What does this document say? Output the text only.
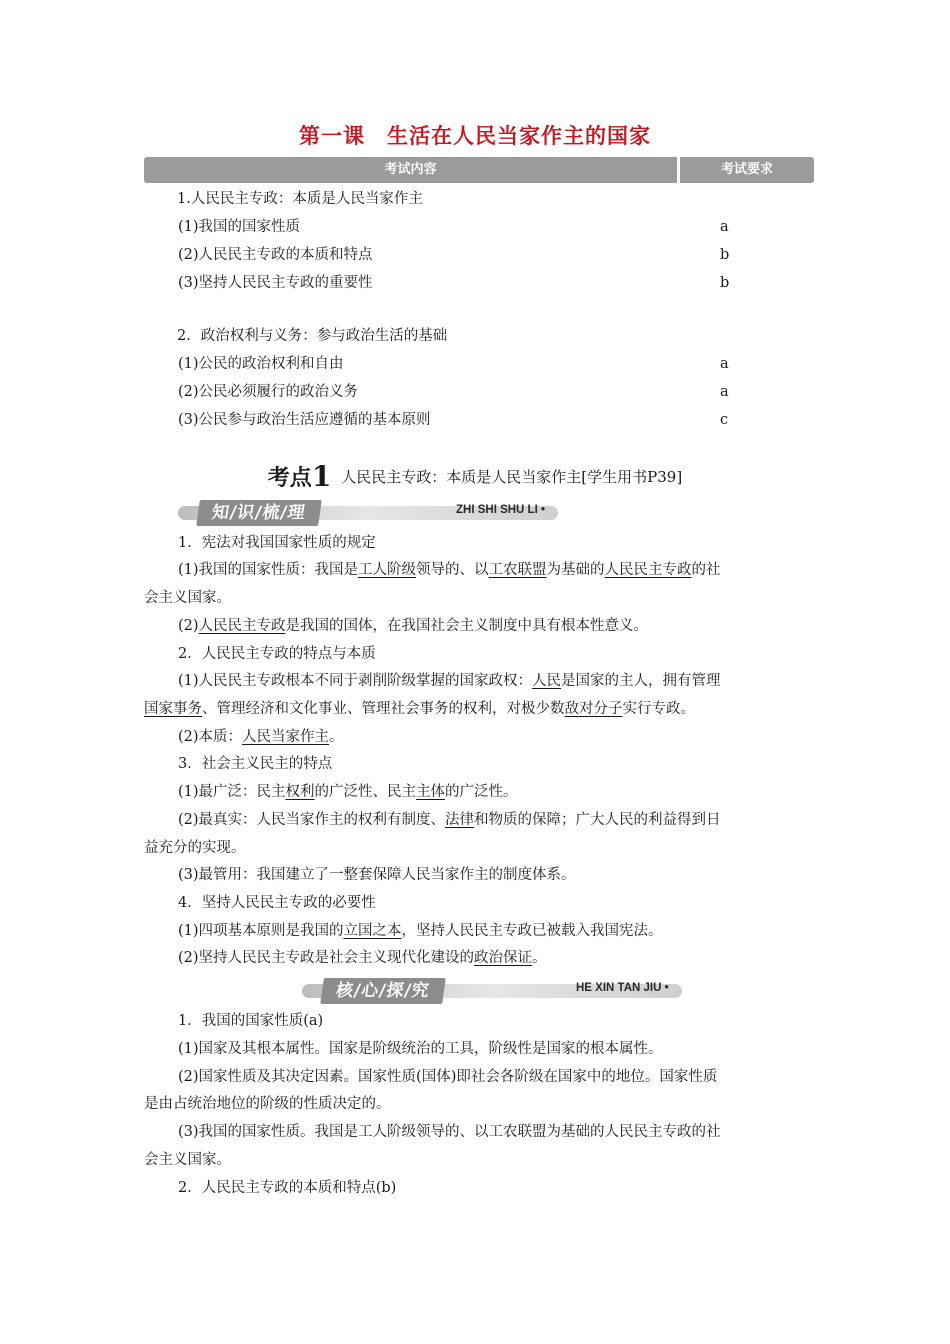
第一课　生活在人民当家作主的国家
考试内容	考试要求
1.人民民主专政：本质是人民当家作主
(1)我国的国家性质	a
(2)人民民主专政的本质和特点	b
(3)坚持人民民主专政的重要性	b
2．政治权利与义务：参与政治生活的基础
(1)公民的政治权利和自由	a
(2)公民必须履行的政治义务	a
(3)公民参与政治生活应遵循的基本原则	c
考点1 人民民主专政：本质是人民当家作主[学生用书P39]
知/识/梳/理	ZHI SHI SHU LI •
1．宪法对我国国家性质的规定
(1)我国的国家性质：我国是工人阶级领导的、以工农联盟为基础的人民民主专政的社
会主义国家。
(2)人民民主专政是我国的国体，在我国社会主义制度中具有根本性意义。
2．人民民主专政的特点与本质
(1)人民民主专政根本不同于剥削阶级掌握的国家政权：人民是国家的主人，拥有管理
国家事务、管理经济和文化事业、管理社会事务的权利，对极少数敌对分子实行专政。
(2)本质：人民当家作主。
3．社会主义民主的特点
(1)最广泛：民主权利的广泛性、民主主体的广泛性。
(2)最真实：人民当家作主的权利有制度、法律和物质的保障；广大人民的利益得到日
益充分的实现。
(3)最管用：我国建立了一整套保障人民当家作主的制度体系。
4．坚持人民民主专政的必要性
(1)四项基本原则是我国的立国之本，坚持人民民主专政已被载入我国宪法。
(2)坚持人民民主专政是社会主义现代化建设的政治保证。
核/心/探/究	HE XIN TAN JIU •
1．我国的国家性质(a)
(1)国家及其根本属性。国家是阶级统治的工具，阶级性是国家的根本属性。
(2)国家性质及其决定因素。国家性质(国体)即社会各阶级在国家中的地位。国家性质
是由占统治地位的阶级的性质决定的。
(3)我国的国家性质。我国是工人阶级领导的、以工农联盟为基础的人民民主专政的社
会主义国家。
2．人民民主专政的本质和特点(b)
